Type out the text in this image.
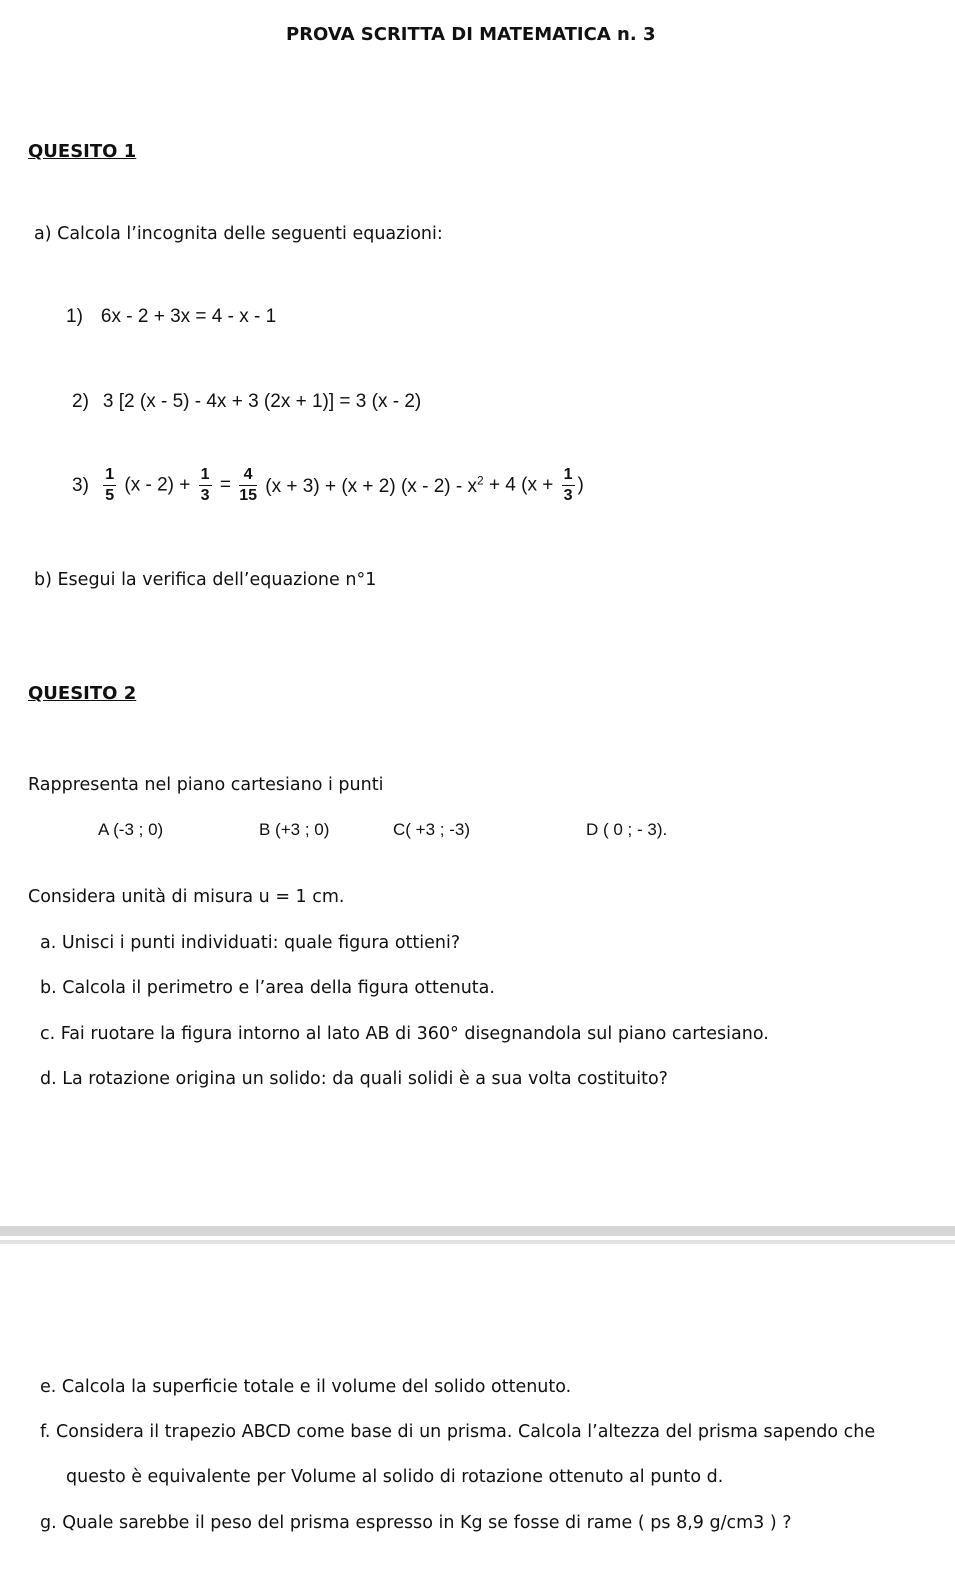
PROVA SCRITTA DI MATEMATICA n. 3
QUESITO 1
a) Calcola l’incognita delle seguenti equazioni:
1) 6x - 2 + 3x = 4 - x - 1
2) 3 [2 (x - 5) - 4x + 3 (2x + 1)] = 3 (x - 2)
$3) \frac{1}{5} (x - 2) + \frac{1}{3} = \frac{4}{15} (x + 3) + (x + 2)$ $(x - 2) - x^2 + 4$ ($x + \frac{1}{3}$ )
b) Esegui la verifica dell’equazione n°1
QUESITO 2
Rappresenta nel piano cartesiano i punti
A (-3 ; 0)	B (+3 ; 0)	C( +3 ; -3)	D ( 0 ; - 3).
Considera unità di misura u = 1 cm.
a. Unisci i punti individuati: quale figura ottieni?
b. Calcola il perimetro e l’area della figura ottenuta.
c. Fai ruotare la figura intorno al lato AB di 360° disegnandola sul piano cartesiano.
d. La rotazione origina un solido: da quali solidi è a sua volta costituito?
e. Calcola la superficie totale e il volume del solido ottenuto.
f. Considera il trapezio ABCD come base di un prisma. Calcola l’altezza del prisma sapendo che
questo è equivalente per Volume al solido di rotazione ottenuto al punto d.
g. Quale sarebbe il peso del prisma espresso in Kg se fosse di rame ( ps 8,9 g/cm3 ) ?
